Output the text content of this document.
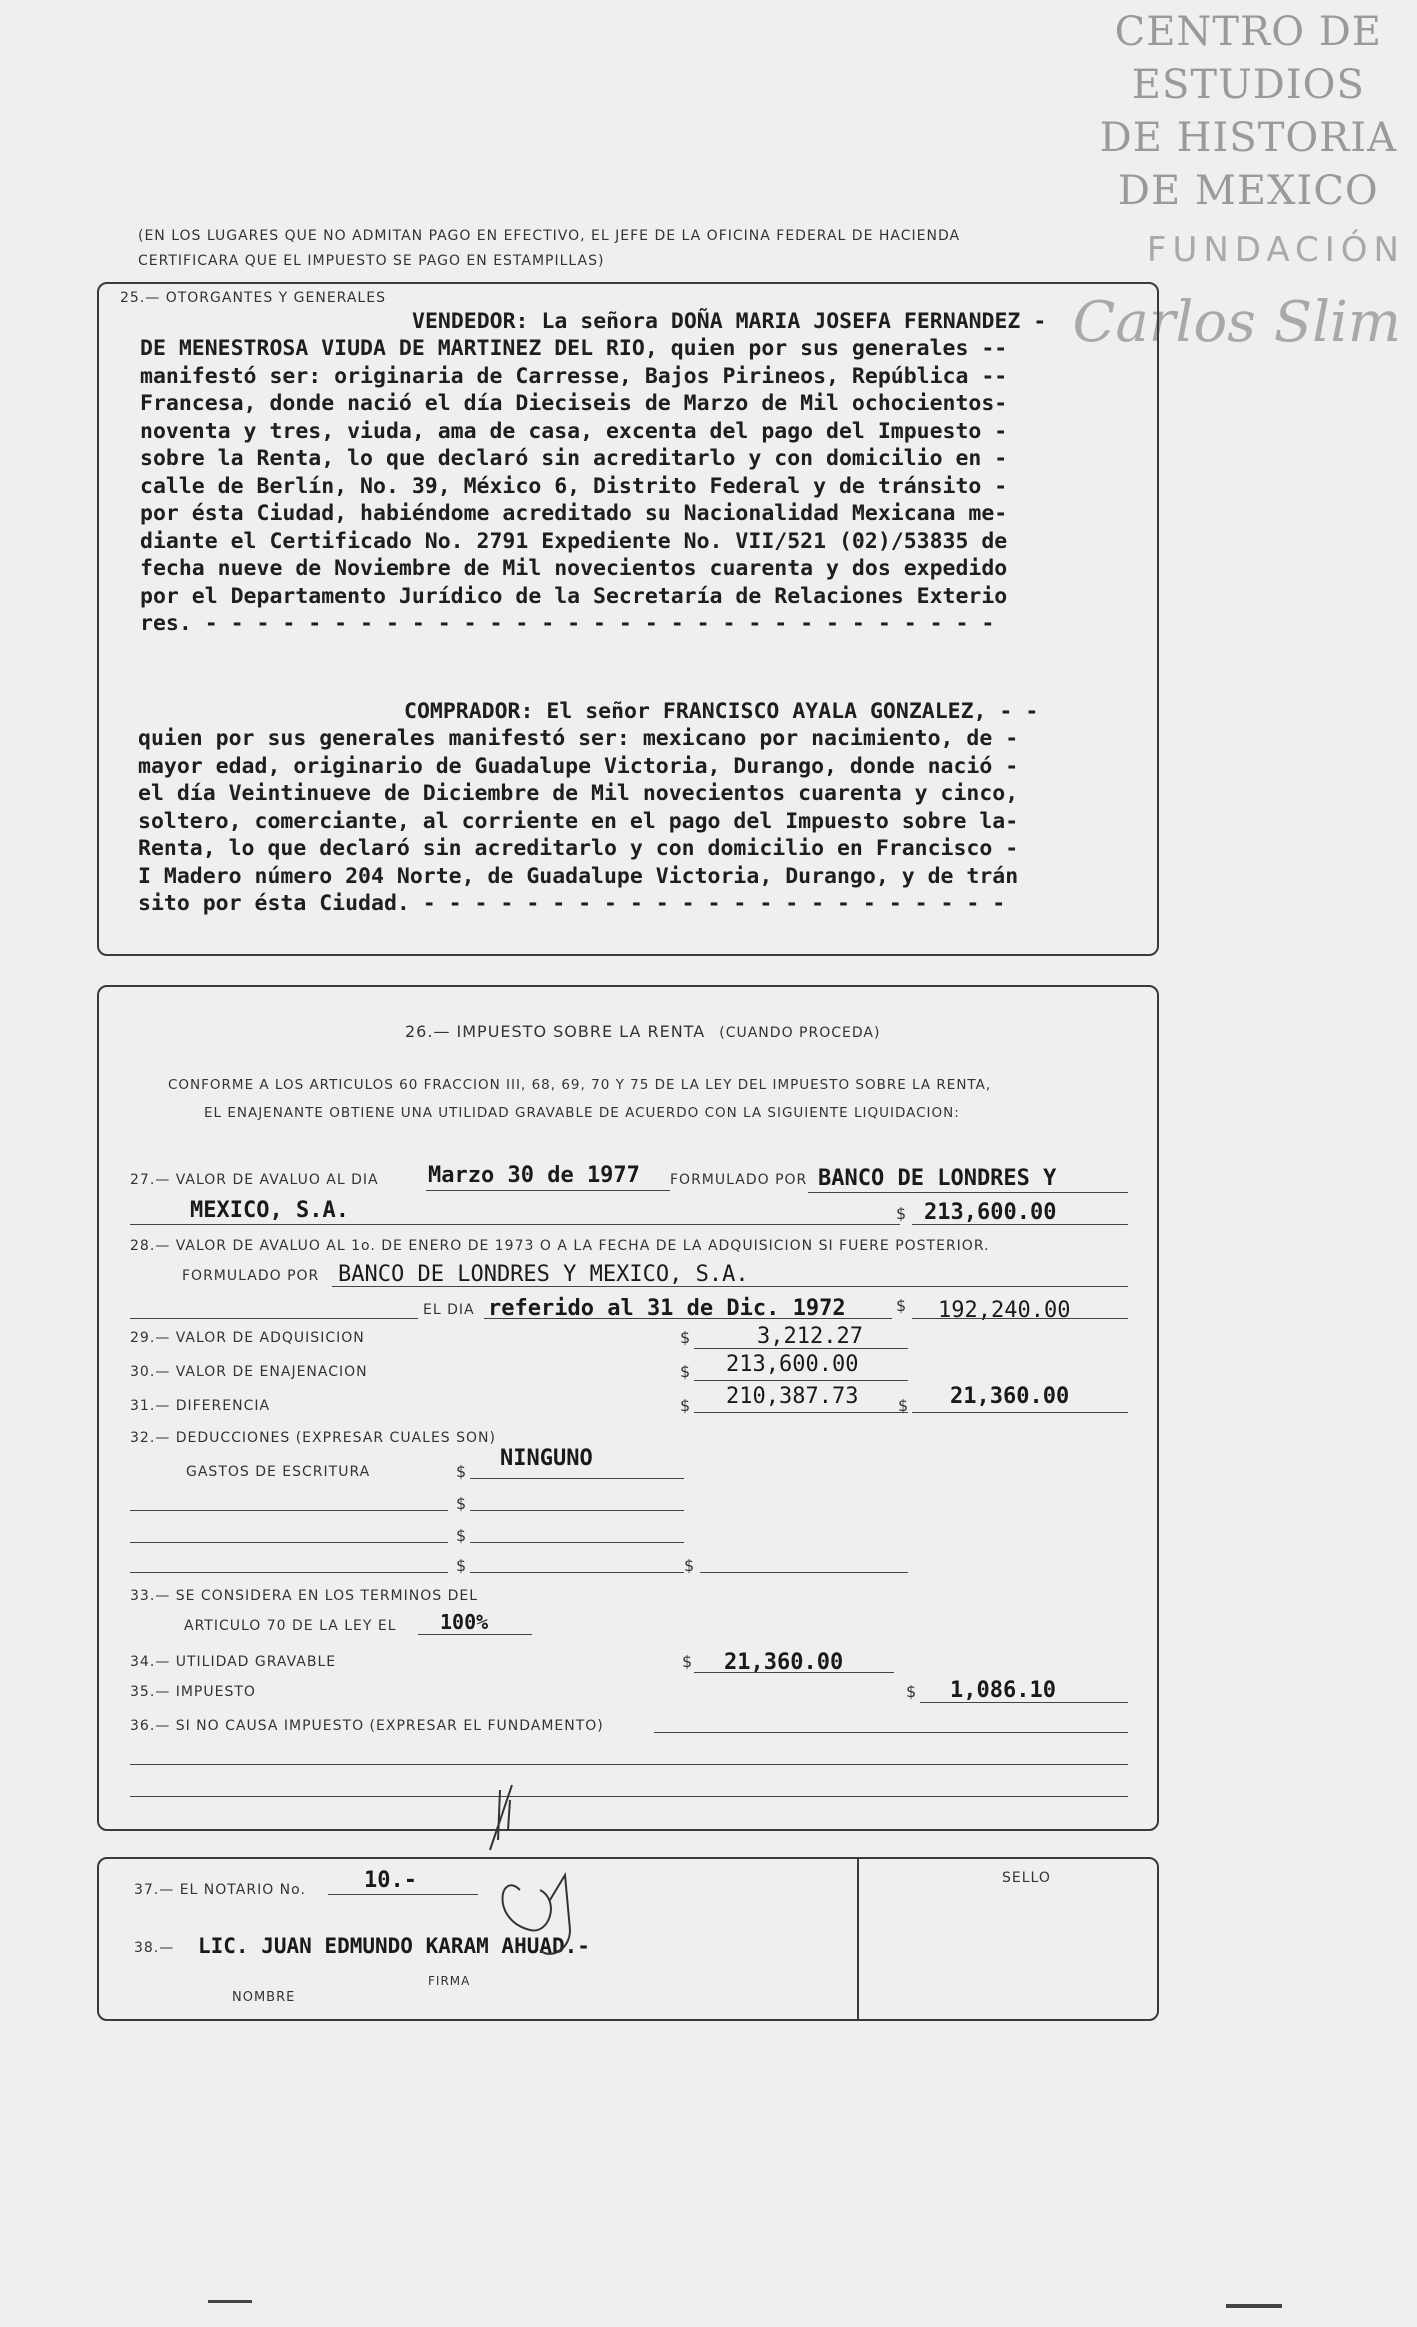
CENTRO DE
ESTUDIOS
DE HISTORIA
DE MEXICO
FUNDACIÓN
Carlos Slim
(EN LOS LUGARES QUE NO ADMITAN PAGO EN EFECTIVO, EL JEFE DE LA OFICINA FEDERAL DE HACIENDA
CERTIFICARA QUE EL IMPUESTO SE PAGO EN ESTAMPILLAS)
25.— OTORGANTES Y GENERALES

VENDEDOR: La señora DOÑA MARIA JOSEFA FERNANDEZ -
DE MENESTROSA VIUDA DE MARTINEZ DEL RIO, quien por sus generales --
manifestó ser: originaria de Carresse, Bajos Pirineos, República --
Francesa, donde nació el día Dieciseis de Marzo de Mil ochocientos-
noventa y tres, viuda, ama de casa, excenta del pago del Impuesto -
sobre la Renta, lo que declaró sin acreditarlo y con domicilio en -
calle de Berlín, No. 39, México 6, Distrito Federal y de tránsito -
por ésta Ciudad, habiéndome acreditado su Nacionalidad Mexicana me-
diante el Certificado No. 2791 Expediente No. VII/521 (02)/53835 de
fecha nueve de Noviembre de Mil novecientos cuarenta y dos expedido
por el Departamento Jurídico de la Secretaría de Relaciones Exterio
res. - - - - - - - - - - - - - - - - - - - - - - - - - - - - - - -

COMPRADOR: El señor FRANCISCO AYALA GONZALEZ, - -
quien por sus generales manifestó ser: mexicano por nacimiento, de -
mayor edad, originario de Guadalupe Victoria, Durango, donde nació -
el día Veintinueve de Diciembre de Mil novecientos cuarenta y cinco,
soltero, comerciante, al corriente en el pago del Impuesto sobre la-
Renta, lo que declaró sin acreditarlo y con domicilio en Francisco -
I Madero número 204 Norte, de Guadalupe Victoria, Durango, y de trán
sito por ésta Ciudad. - - - - - - - - - - - - - - - - - - - - - - -
26.— IMPUESTO SOBRE LA RENTA (CUANDO PROCEDA)
CONFORME A LOS ARTICULOS 60 FRACCION III, 68, 69, 70 Y 75 DE LA LEY DEL IMPUESTO SOBRE LA RENTA,
EL ENAJENANTE OBTIENE UNA UTILIDAD GRAVABLE DE ACUERDO CON LA SIGUIENTE LIQUIDACION:
27.— VALOR DE AVALUO AL DIA Marzo 30 de 1977 FORMULADO POR BANCO DE LONDRES Y
MEXICO, S.A.	$ 213,600.00
28.— VALOR DE AVALUO AL 1o. DE ENERO DE 1973 O A LA FECHA DE LA ADQUISICION SI FUERE POSTERIOR.
FORMULADO POR BANCO DE LONDRES Y MEXICO, S.A.
EL DIA referido al 31 de Dic. 1972	$ 192,240.00
29.— VALOR DE ADQUISICION	$	3,212.27
30.— VALOR DE ENAJENACION	$ 213,600.00
31.— DIFERENCIA	$ 210,387.73 $ 21,360.00
32.— DEDUCCIONES (EXPRESAR CUALES SON)
GASTOS DE ESCRITURA	$
NINGUNO
$
$
$	$
33.— SE CONSIDERA EN LOS TERMINOS DEL
ARTICULO 70 DE LA LEY EL 100%
34.— UTILIDAD GRAVABLE	$ 21,360.00
35.— IMPUESTO	$ 1,086.10
36.— SI NO CAUSA IMPUESTO (EXPRESAR EL FUNDAMENTO)
SELLO
37.— EL NOTARIO No.	10.-
38.— LIC. JUAN EDMUNDO KARAM AHUAD.-
FIRMA
NOMBRE
